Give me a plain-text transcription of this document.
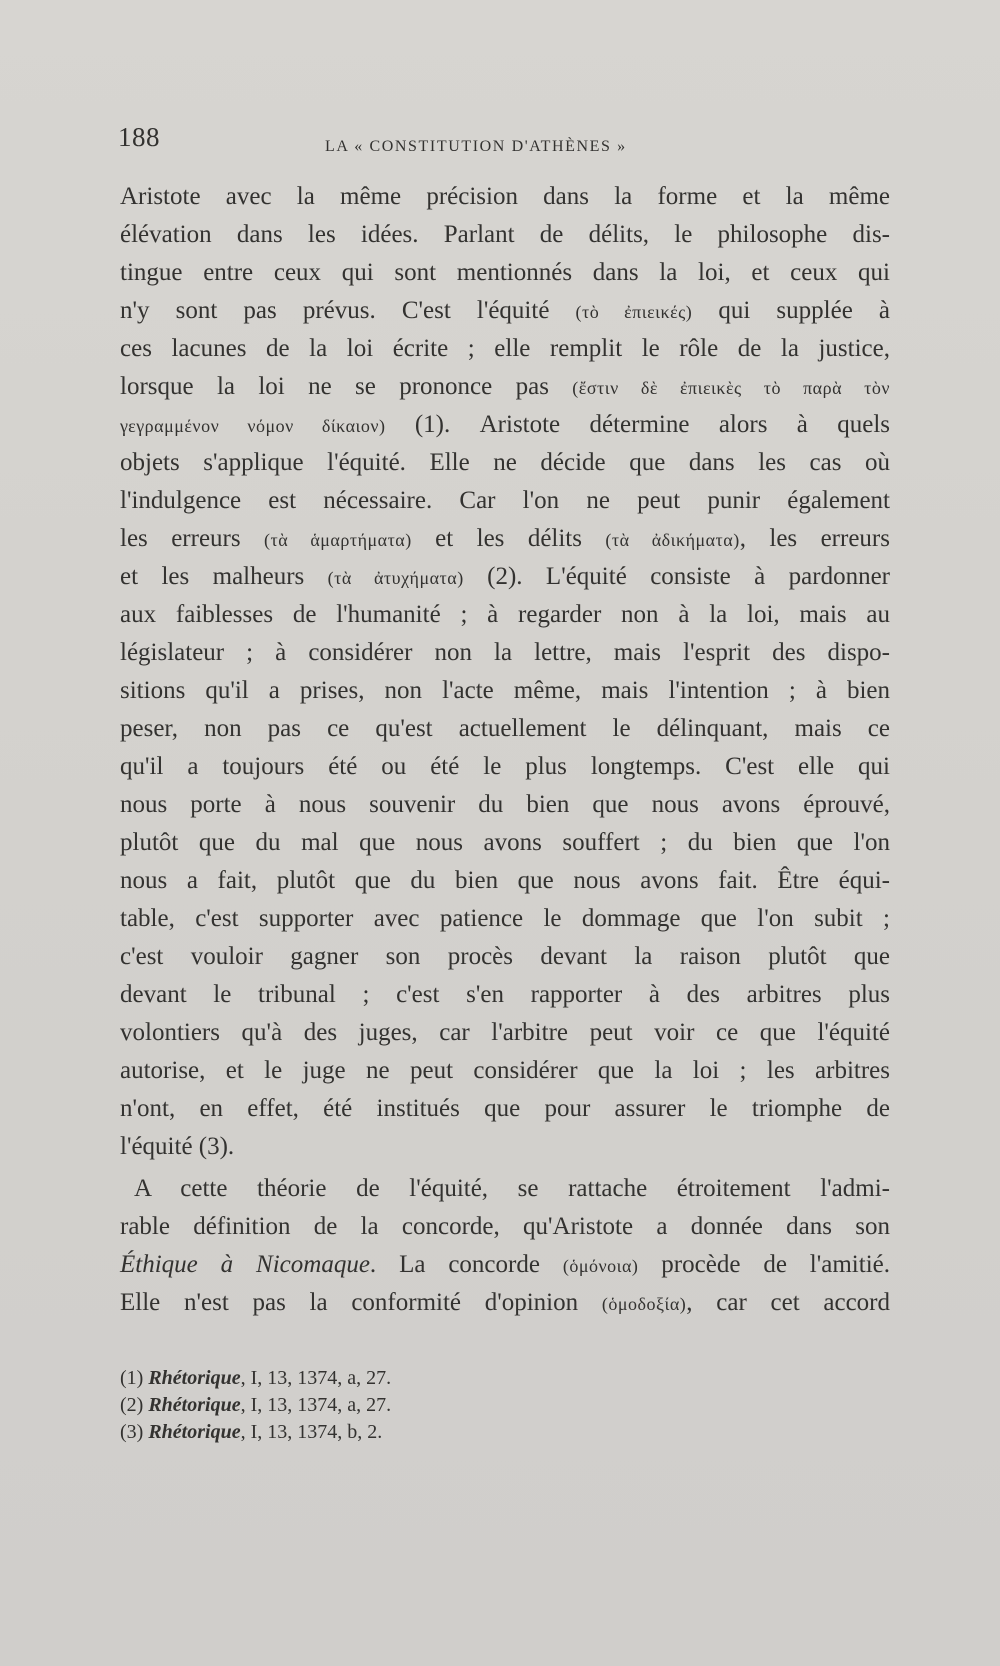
188	LA « CONSTITUTION D'ATHÈNES »
Aristote avec la même précision dans la forme et la même
élévation dans les idées. Parlant de délits, le philosophe dis-
tingue entre ceux qui sont mentionnés dans la loi, et ceux qui
n'y sont pas prévus. C'est l'équité (τὸ ἐπιεικές) qui supplée à
ces lacunes de la loi écrite ; elle remplit le rôle de la justice,
lorsque la loi ne se prononce pas (ἔστιν δὲ ἐπιεικὲς τὸ παρὰ τὸν
γεγραμμένον νόμον δίκαιον) (1). Aristote détermine alors à quels
objets s'applique l'équité. Elle ne décide que dans les cas où
l'indulgence est nécessaire. Car l'on ne peut punir également
les erreurs (τὰ ἁμαρτήματα) et les délits (τὰ ἀδικήματα), les erreurs
et les malheurs (τὰ ἀτυχήματα) (2). L'équité consiste à pardonner
aux faiblesses de l'humanité ; à regarder non à la loi, mais au
législateur ; à considérer non la lettre, mais l'esprit des dispo-
sitions qu'il a prises, non l'acte même, mais l'intention ; à bien
peser, non pas ce qu'est actuellement le délinquant, mais ce
qu'il a toujours été ou été le plus longtemps. C'est elle qui
nous porte à nous souvenir du bien que nous avons éprouvé,
plutôt que du mal que nous avons souffert ; du bien que l'on
nous a fait, plutôt que du bien que nous avons fait. Être équi-
table, c'est supporter avec patience le dommage que l'on subit ;
c'est vouloir gagner son procès devant la raison plutôt que
devant le tribunal ; c'est s'en rapporter à des arbitres plus
volontiers qu'à des juges, car l'arbitre peut voir ce que l'équité
autorise, et le juge ne peut considérer que la loi ; les arbitres
n'ont, en effet, été institués que pour assurer le triomphe de
l'équité (3).
A cette théorie de l'équité, se rattache étroitement l'admi-
rable définition de la concorde, qu'Aristote a donnée dans son
Éthique à Nicomaque. La concorde (ὁμόνοια) procède de l'amitié.
Elle n'est pas la conformité d'opinion (ὁμοδοξία), car cet accord
(1) Rhétorique, I, 13, 1374, a, 27.
(2) Rhétorique, I, 13, 1374, a, 27.
(3) Rhétorique, I, 13, 1374, b, 2.
